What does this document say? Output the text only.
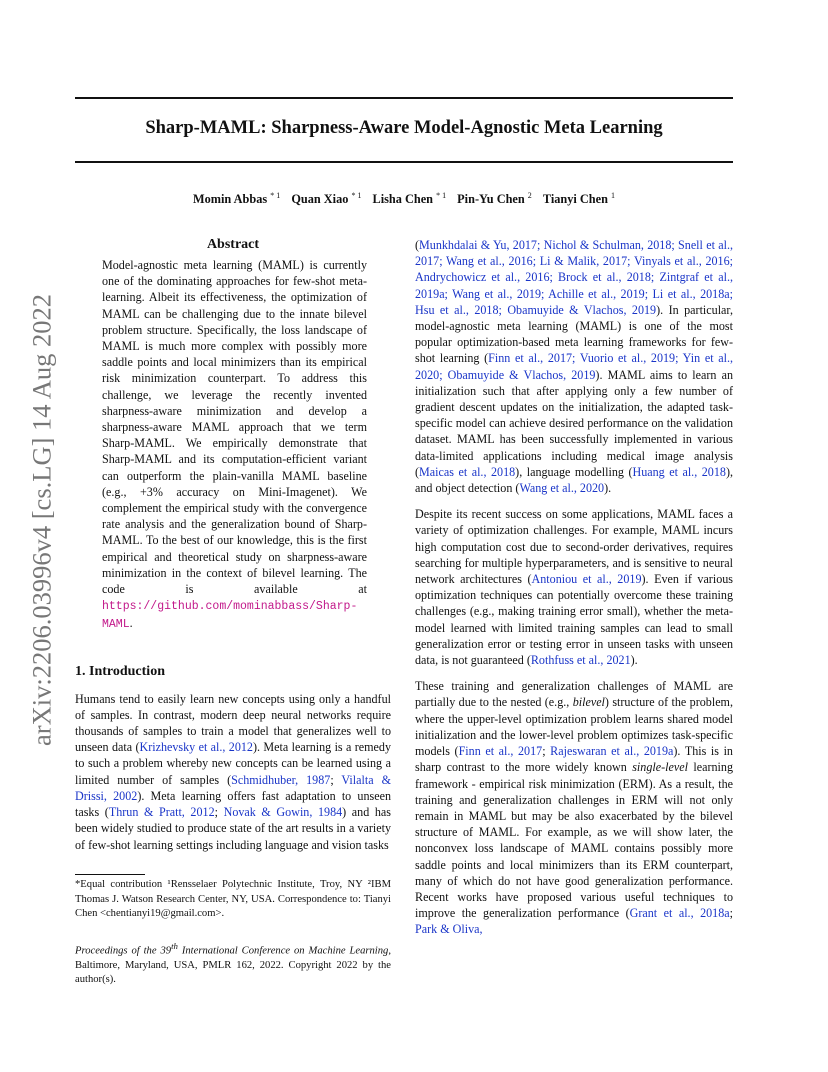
Sharp-MAML: Sharpness-Aware Model-Agnostic Meta Learning
Momin Abbas $^{* 1}$ Quan Xiao $^{* 1}$ Lisha Chen $^{* 1}$ Pin-Yu Chen $^2$ Tianyi Chen $^1$
arXiv:2206.03996v4 [cs.LG] 14 Aug 2022
Abstract

Model-agnostic meta learning (MAML) is currently one of the dominating approaches for few-shot meta-learning. Albeit its effectiveness, the optimization of MAML can be challenging due to the innate bilevel problem structure. Specifically, the loss landscape of MAML is much more complex with possibly more saddle points and local minimizers than its empirical risk minimization counterpart. To address this challenge, we leverage the recently invented sharpness-aware minimization and develop a sharpness-aware MAML approach that we term Sharp-MAML. We empirically demonstrate that Sharp-MAML and its computation-efficient variant can outperform the plain-vanilla MAML baseline (e.g., +3% accuracy on Mini-Imagenet). We complement the empirical study with the convergence rate analysis and the generalization bound of Sharp-MAML. To the best of our knowledge, this is the first empirical and theoretical study on sharpness-aware minimization in the context of bilevel learning. The code is available at https://github.com/mominabbass/Sharp-MAML.

1. Introduction

Humans tend to easily learn new concepts using only a handful of samples. In contrast, modern deep neural networks require thousands of samples to train a model that generalizes well to unseen data (Krizhevsky et al., 2012). Meta learning is a remedy to such a problem whereby new concepts can be learned using a limited number of samples (Schmidhuber, 1987; Vilalta & Drissi, 2002). Meta learning offers fast adaptation to unseen tasks (Thrun & Pratt, 2012; Novak & Gowin, 1984) and has been widely studied to produce state of the art results in a variety of few-shot learning settings including language and vision tasks

*Equal contribution ¹Rensselaer Polytechnic Institute, Troy, NY ²IBM Thomas J. Watson Research Center, NY, USA. Correspondence to: Tianyi Chen <chentianyi19@gmail.com>.

Proceedings of the 39th International Conference on Machine Learning, Baltimore, Maryland, USA, PMLR 162, 2022. Copyright 2022 by the author(s).

(Munkhdalai & Yu, 2017; Nichol & Schulman, 2018; Snell et al., 2017; Wang et al., 2016; Li & Malik, 2017; Vinyals et al., 2016; Andrychowicz et al., 2016; Brock et al., 2018; Zintgraf et al., 2019a; Wang et al., 2019; Achille et al., 2019; Li et al., 2018a; Hsu et al., 2018; Obamuyide & Vlachos, 2019). In particular, model-agnostic meta learning (MAML) is one of the most popular optimization-based meta learning frameworks for few-shot learning (Finn et al., 2017; Vuorio et al., 2019; Yin et al., 2020; Obamuyide & Vlachos, 2019). MAML aims to learn an initialization such that after applying only a few number of gradient descent updates on the initialization, the adapted task-specific model can achieve desired performance on the validation dataset. MAML has been successfully implemented in various data-limited applications including medical image analysis (Maicas et al., 2018), language modelling (Huang et al., 2018), and object detection (Wang et al., 2020).

Despite its recent success on some applications, MAML faces a variety of optimization challenges. For example, MAML incurs high computation cost due to second-order derivatives, requires searching for multiple hyperparameters, and is sensitive to neural network architectures (Antoniou et al., 2019). Even if various optimization techniques can potentially overcome these training challenges (e.g., making training error small), whether the meta-model learned with limited training samples can lead to small generalization error or testing error in unseen tasks with unseen data, is not guaranteed (Rothfuss et al., 2021).

These training and generalization challenges of MAML are partially due to the nested (e.g., bilevel) structure of the problem, where the upper-level optimization problem learns shared model initialization and the lower-level problem optimizes task-specific models (Finn et al., 2017; Rajeswaran et al., 2019a). This is in sharp contrast to the more widely known single-level learning framework - empirical risk minimization (ERM). As a result, the training and generalization challenges in ERM will not only remain in MAML but may be also exacerbated by the bilevel structure of MAML. For example, as we will show later, the nonconvex loss landscape of MAML contains possibly more saddle points and local minimizers than its ERM counterpart, many of which do not have good generalization performance. Recent works have proposed various useful techniques to improve the generalization performance (Grant et al., 2018a; Park & Oliva,
